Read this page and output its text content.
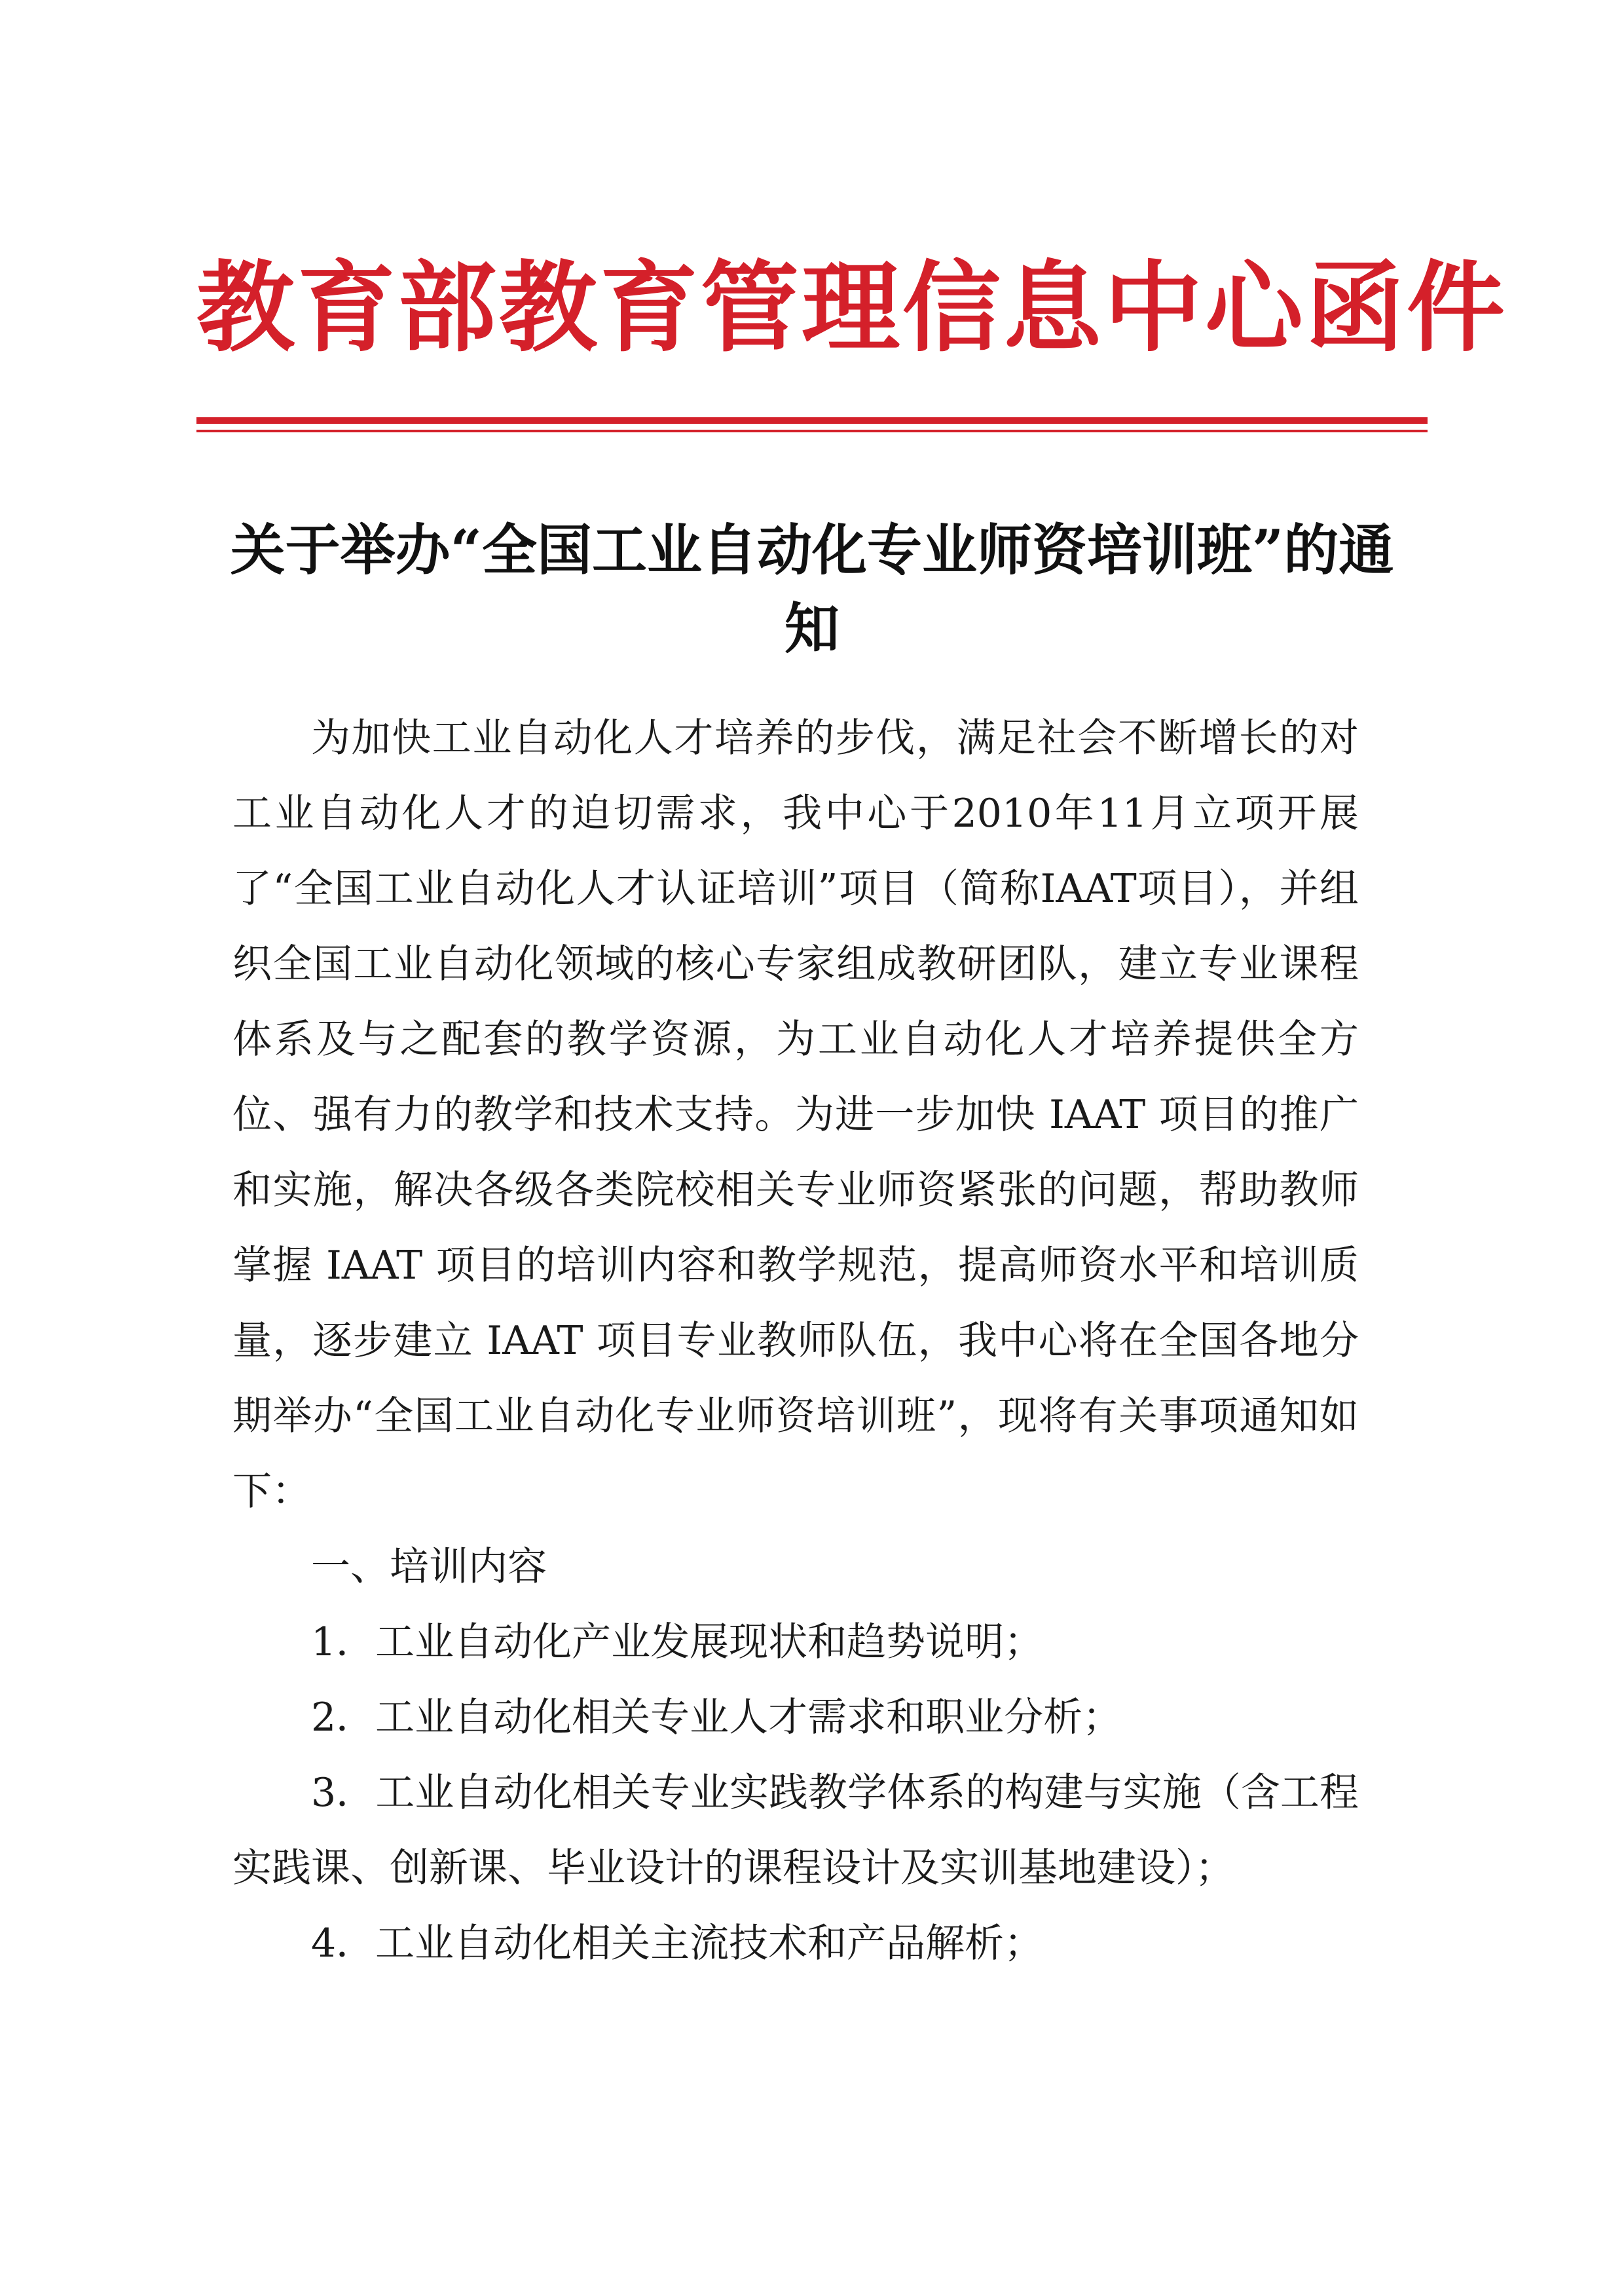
教育部教育管理信息中心函件
关于举办“全国工业自动化专业师资培训班”的通知

为加快工业自动化人才培养的步伐，满足社会不断增长的对工业自动化人才的迫切需求，我中心于2010年11月立项开展了“全国工业自动化人才认证培训”项目（简称IAAT项目），并组织全国工业自动化领域的核心专家组成教研团队，建立专业课程体系及与之配套的教学资源，为工业自动化人才培养提供全方位、强有力的教学和技术支持。为进一步加快 IAAT 项目的推广和实施，解决各级各类院校相关专业师资紧张的问题，帮助教师掌握 IAAT 项目的培训内容和教学规范，提高师资水平和培训质量，逐步建立 IAAT 项目专业教师队伍，我中心将在全国各地分期举办“全国工业自动化专业师资培训班”，现将有关事项通知如下：

一、培训内容

1．工业自动化产业发展现状和趋势说明；

2．工业自动化相关专业人才需求和职业分析；

3．工业自动化相关专业实践教学体系的构建与实施（含工程实践课、创新课、毕业设计的课程设计及实训基地建设）；

4．工业自动化相关主流技术和产品解析；
